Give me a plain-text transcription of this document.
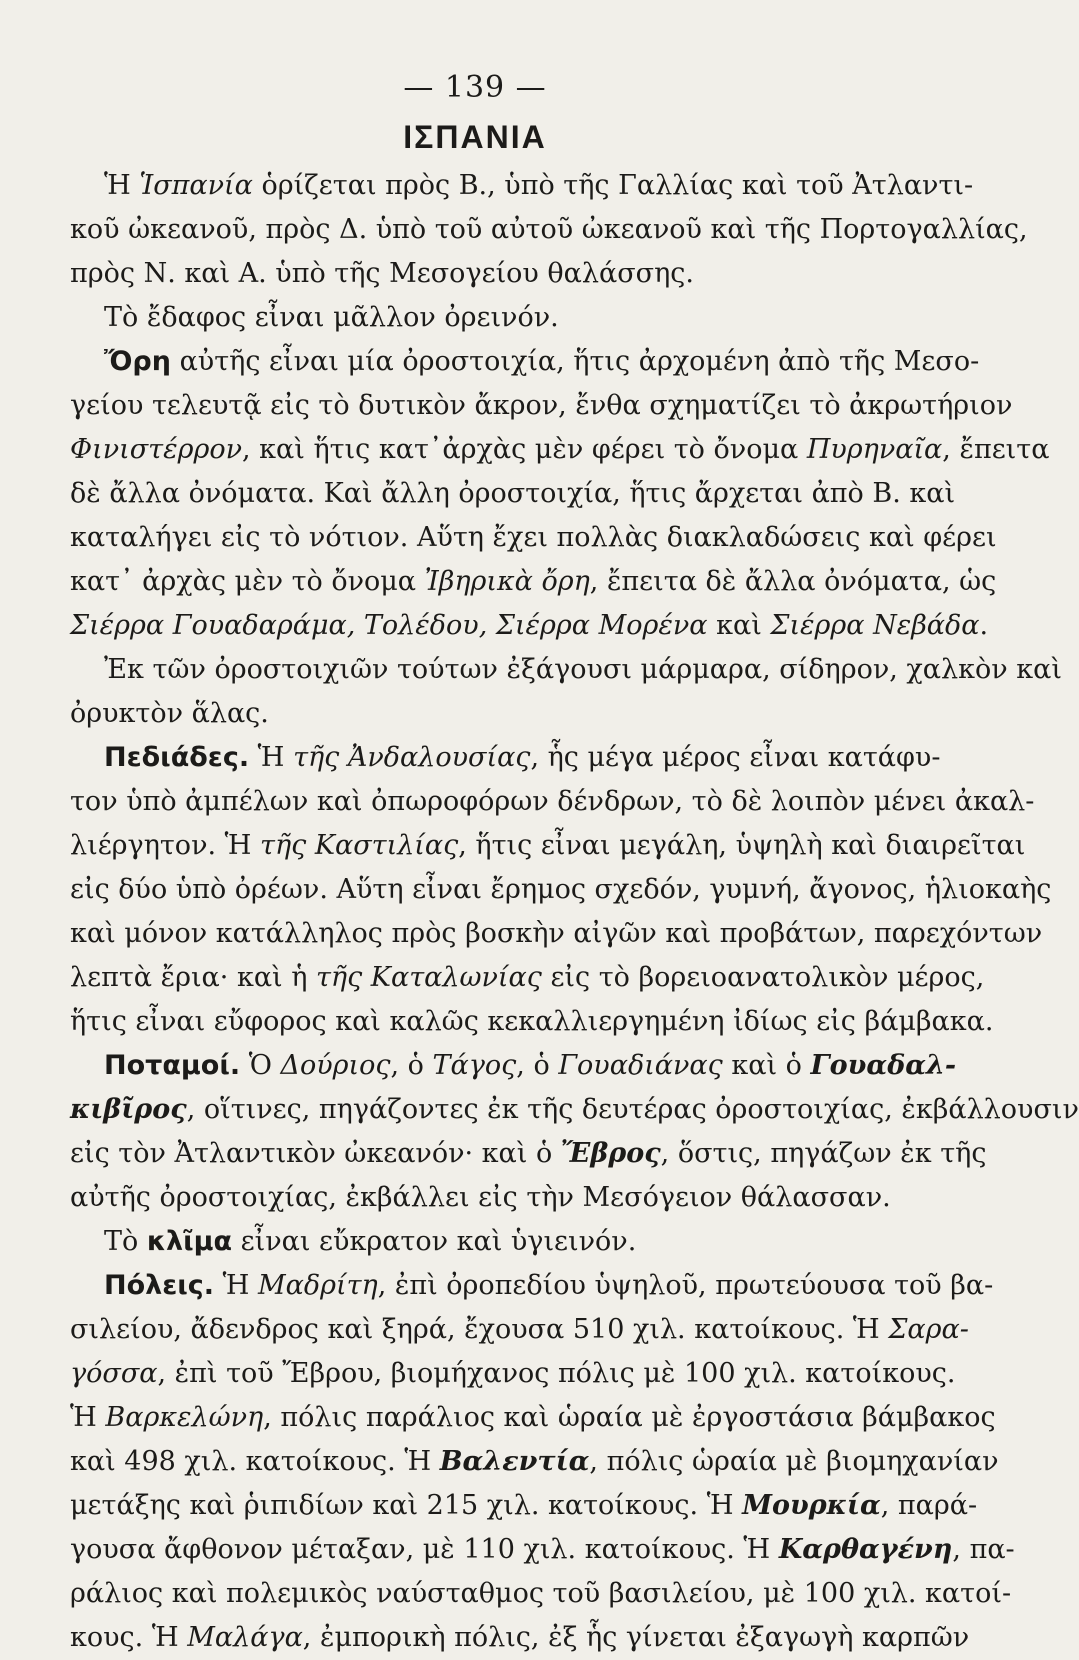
— 139 —
ΙΣΠΑΝΙΑ
Ἡ Ἱσπανία ὁρίζεται πρὸς Β., ὑπὸ τῆς Γαλλίας καὶ τοῦ Ἀτλαντι-
κοῦ ὠκεανοῦ, πρὸς Δ. ὑπὸ τοῦ αὐτοῦ ὠκεανοῦ καὶ τῆς Πορτογαλλίας,
πρὸς Ν. καὶ Α. ὑπὸ τῆς Μεσογείου θαλάσσης.
Τὸ ἔδαφος εἶναι μᾶλλον ὀρεινόν.
Ὄρη αὐτῆς εἶναι μία ὀροστοιχία, ἥτις ἀρχομένη ἀπὸ τῆς Μεσο-
γείου τελευτᾷ εἰς τὸ δυτικὸν ἄκρον, ἔνθα σχηματίζει τὸ ἀκρωτήριον
Φινιστέρρον, καὶ ἥτις κατ᾽ἀρχὰς μὲν φέρει τὸ ὄνομα Πυρηναῖα, ἔπειτα
δὲ ἄλλα ὀνόματα. Καὶ ἄλλη ὀροστοιχία, ἥτις ἄρχεται ἀπὸ Β. καὶ
καταλήγει εἰς τὸ νότιον. Αὕτη ἔχει πολλὰς διακλαδώσεις καὶ φέρει
κατ᾽ ἀρχὰς μὲν τὸ ὄνομα Ἰβηρικὰ ὄρη, ἔπειτα δὲ ἄλλα ὀνόματα, ὡς
Σιέρρα Γουαδαράμα, Τολέδου, Σιέρρα Μορένα καὶ Σιέρρα Νεβάδα.
Ἐκ τῶν ὀροστοιχιῶν τούτων ἐξάγουσι μάρμαρα, σίδηρον, χαλκὸν καὶ
ὀρυκτὸν ἅλας.
Πεδιάδες. Ἡ τῆς Ἀνδαλουσίας, ἧς μέγα μέρος εἶναι κατάφυ-
τον ὑπὸ ἀμπέλων καὶ ὀπωροφόρων δένδρων, τὸ δὲ λοιπὸν μένει ἀκαλ-
λιέργητον. Ἡ τῆς Καστιλίας, ἥτις εἶναι μεγάλη, ὑψηλὴ καὶ διαιρεῖται
εἰς δύο ὑπὸ ὀρέων. Αὕτη εἶναι ἔρημος σχεδόν, γυμνή, ἄγονος, ἡλιοκαὴς
καὶ μόνον κατάλληλος πρὸς βοσκὴν αἰγῶν καὶ προβάτων, παρεχόντων
λεπτὰ ἔρια· καὶ ἡ τῆς Καταλωνίας εἰς τὸ βορειοανατολικὸν μέρος,
ἥτις εἶναι εὔφορος καὶ καλῶς κεκαλλιεργημένη ἰδίως εἰς βάμβακα.
Ποταμοί. Ὁ Δούριος, ὁ Τάγος, ὁ Γουαδιάνας καὶ ὁ Γουαδαλ-
κιβῖρος, οἵτινες, πηγάζοντες ἐκ τῆς δευτέρας ὀροστοιχίας, ἐκβάλλουσιν
εἰς τὸν Ἀτλαντικὸν ὠκεανόν· καὶ ὁ Ἔβρος, ὅστις, πηγάζων ἐκ τῆς
αὐτῆς ὀροστοιχίας, ἐκβάλλει εἰς τὴν Μεσόγειον θάλασσαν.
Τὸ κλῖμα εἶναι εὔκρατον καὶ ὑγιεινόν.
Πόλεις. Ἡ Μαδρίτη, ἐπὶ ὀροπεδίου ὑψηλοῦ, πρωτεύουσα τοῦ βα-
σιλείου, ἄδενδρος καὶ ξηρά, ἔχουσα 510 χιλ. κατοίκους. Ἡ Σαρα-
γόσσα, ἐπὶ τοῦ Ἔβρου, βιομήχανος πόλις μὲ 100 χιλ. κατοίκους.
Ἡ Βαρκελώνη, πόλις παράλιος καὶ ὡραία μὲ ἐργοστάσια βάμβακος
καὶ 498 χιλ. κατοίκους. Ἡ Βαλεντία, πόλις ὡραία μὲ βιομηχανίαν
μετάξης καὶ ῥιπιδίων καὶ 215 χιλ. κατοίκους. Ἡ Μουρκία, παρά-
γουσα ἄφθονον μέταξαν, μὲ 110 χιλ. κατοίκους. Ἡ Καρθαγένη, πα-
ράλιος καὶ πολεμικὸς ναύσταθμος τοῦ βασιλείου, μὲ 100 χιλ. κατοί-
κους. Ἡ Μαλάγα, ἐμπορικὴ πόλις, ἐξ ἧς γίνεται ἐξαγωγὴ καρπῶν
